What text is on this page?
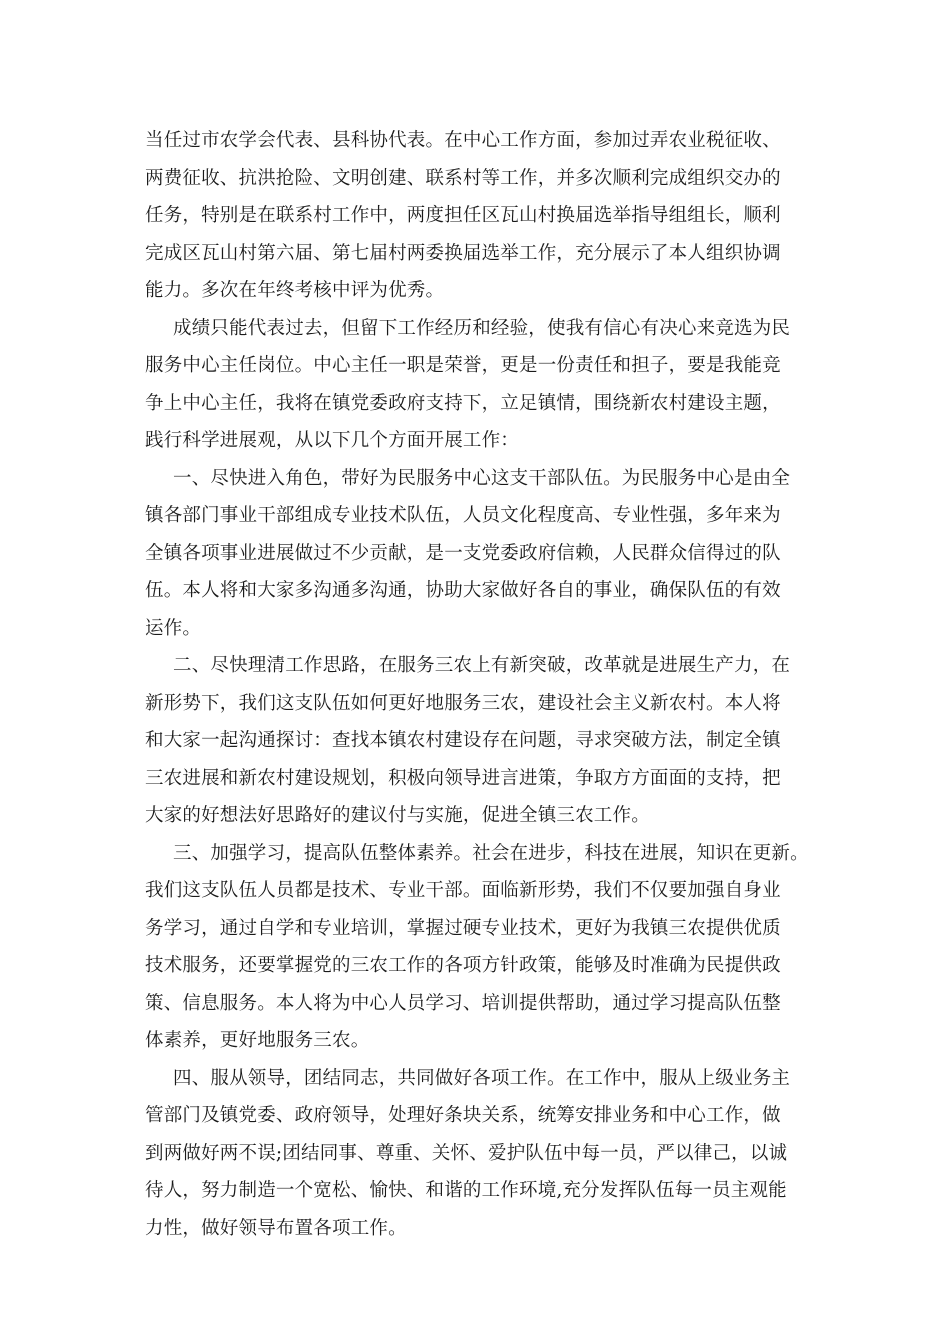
当任过市农学会代表、县科协代表。在中心工作方面，参加过弄农业税征收、
两费征收、抗洪抢险、文明创建、联系村等工作，并多次顺利完成组织交办的
任务，特别是在联系村工作中，两度担任区瓦山村换届选举指导组组长，顺利
完成区瓦山村第六届、第七届村两委换届选举工作，充分展示了本人组织协调
能力。多次在年终考核中评为优秀。
成绩只能代表过去，但留下工作经历和经验，使我有信心有决心来竞选为民
服务中心主任岗位。中心主任一职是荣誉，更是一份责任和担子，要是我能竞
争上中心主任，我将在镇党委政府支持下，立足镇情，围绕新农村建设主题，
践行科学进展观，从以下几个方面开展工作：
一、尽快进入角色，带好为民服务中心这支干部队伍。为民服务中心是由全
镇各部门事业干部组成专业技术队伍，人员文化程度高、专业性强，多年来为
全镇各项事业进展做过不少贡献，是一支党委政府信赖，人民群众信得过的队
伍。本人将和大家多沟通多沟通，协助大家做好各自的事业，确保队伍的有效
运作。
二、尽快理清工作思路，在服务三农上有新突破，改革就是进展生产力，在
新形势下，我们这支队伍如何更好地服务三农，建设社会主义新农村。本人将
和大家一起沟通探讨：查找本镇农村建设存在问题，寻求突破方法，制定全镇
三农进展和新农村建设规划，积极向领导进言进策，争取方方面面的支持，把
大家的好想法好思路好的建议付与实施，促进全镇三农工作。
三、加强学习，提高队伍整体素养。社会在进步，科技在进展，知识在更新。
我们这支队伍人员都是技术、专业干部。面临新形势，我们不仅要加强自身业
务学习，通过自学和专业培训，掌握过硬专业技术，更好为我镇三农提供优质
技术服务，还要掌握党的三农工作的各项方针政策，能够及时准确为民提供政
策、信息服务。本人将为中心人员学习、培训提供帮助，通过学习提高队伍整
体素养，更好地服务三农。
四、服从领导，团结同志，共同做好各项工作。在工作中，服从上级业务主
管部门及镇党委、政府领导，处理好条块关系，统筹安排业务和中心工作，做
到两做好两不误;团结同事、尊重、关怀、爱护队伍中每一员，严以律己，以诚
待人，努力制造一个宽松、愉快、和谐的工作环境,充分发挥队伍每一员主观能
力性，做好领导布置各项工作。
